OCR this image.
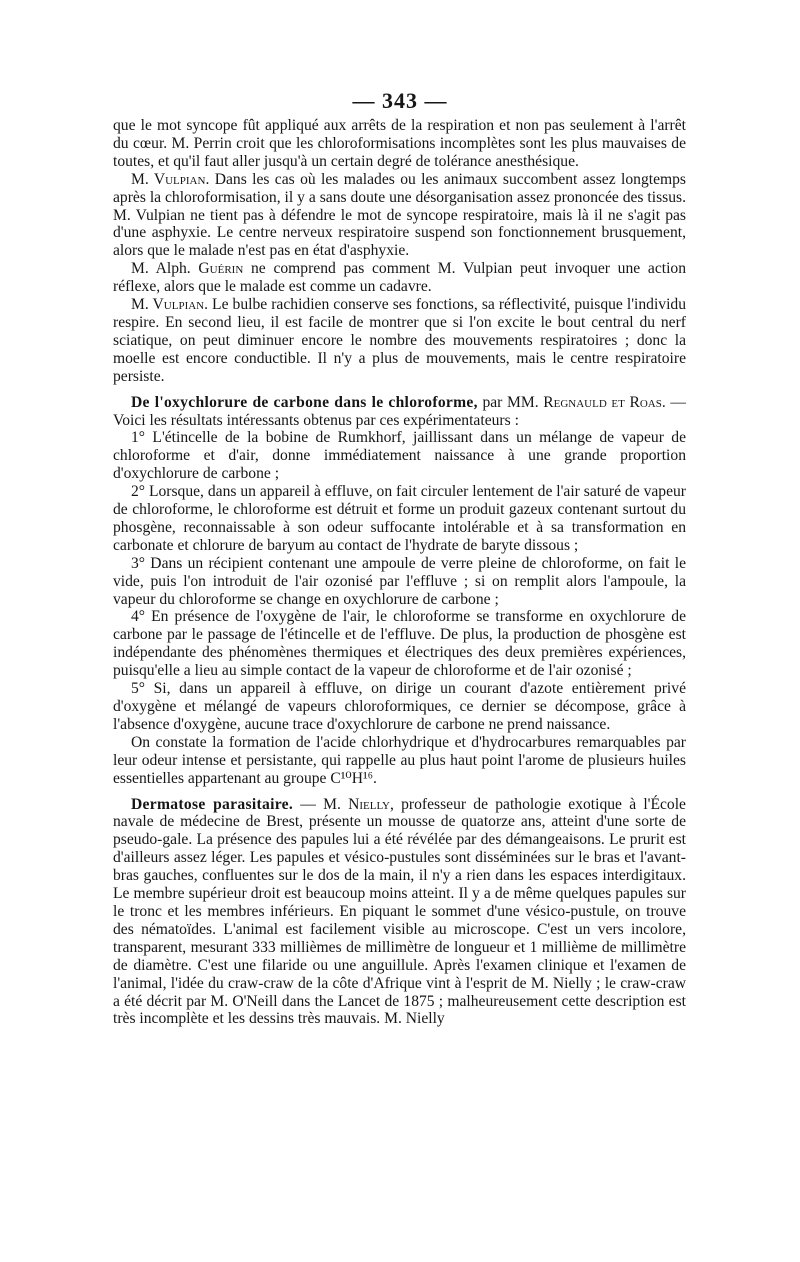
— 343 —

que le mot syncope fût appliqué aux arrêts de la respiration et non pas seulement à l'arrêt du cœur. M. Perrin croit que les chloroformisations incomplètes sont les plus mauvaises de toutes, et qu'il faut aller jusqu'à un certain degré de tolérance anesthésique.

M. Vulpian. Dans les cas où les malades ou les animaux succombent assez longtemps après la chloroformisation, il y a sans doute une désorganisation assez prononcée des tissus. M. Vulpian ne tient pas à défendre le mot de syncope respiratoire, mais là il ne s'agit pas d'une asphyxie. Le centre nerveux respiratoire suspend son fonctionnement brusquement, alors que le malade n'est pas en état d'asphyxie.

M. Alph. Guérin ne comprend pas comment M. Vulpian peut invoquer une action réflexe, alors que le malade est comme un cadavre.

M. Vulpian. Le bulbe rachidien conserve ses fonctions, sa réflectivité, puisque l'individu respire. En second lieu, il est facile de montrer que si l'on excite le bout central du nerf sciatique, on peut diminuer encore le nombre des mouvements respiratoires ; donc la moelle est encore conductible. Il n'y a plus de mouvements, mais le centre respiratoire persiste.

De l'oxychlorure de carbone dans le chloroforme, par MM. Regnauld et Roas. — Voici les résultats intéressants obtenus par ces expérimentateurs :

1° L'étincelle de la bobine de Rumkhorf, jaillissant dans un mélange de vapeur de chloroforme et d'air, donne immédiatement naissance à une grande proportion d'oxychlorure de carbone ;

2° Lorsque, dans un appareil à effluve, on fait circuler lentement de l'air saturé de vapeur de chloroforme, le chloroforme est détruit et forme un produit gazeux contenant surtout du phosgène, reconnaissable à son odeur suffocante intolérable et à sa transformation en carbonate et chlorure de baryum au contact de l'hydrate de baryte dissous ;

3° Dans un récipient contenant une ampoule de verre pleine de chloroforme, on fait le vide, puis l'on introduit de l'air ozonisé par l'effluve ; si on remplit alors l'ampoule, la vapeur du chloroforme se change en oxychlorure de carbone ;

4° En présence de l'oxygène de l'air, le chloroforme se transforme en oxychlorure de carbone par le passage de l'étincelle et de l'effluve. De plus, la production de phosgène est indépendante des phénomènes thermiques et électriques des deux premières expériences, puisqu'elle a lieu au simple contact de la vapeur de chloroforme et de l'air ozonisé ;

5° Si, dans un appareil à effluve, on dirige un courant d'azote entièrement privé d'oxygène et mélangé de vapeurs chloroformiques, ce dernier se décompose, grâce à l'absence d'oxygène, aucune trace d'oxychlorure de carbone ne prend naissance.

On constate la formation de l'acide chlorhydrique et d'hydrocarbures remarquables par leur odeur intense et persistante, qui rappelle au plus haut point l'arome de plusieurs huiles essentielles appartenant au groupe C¹⁰H¹⁶.

Dermatose parasitaire. — M. Nielly, professeur de pathologie exotique à l'École navale de médecine de Brest, présente un mousse de quatorze ans, atteint d'une sorte de pseudo-gale. La présence des papules lui a été révélée par des démangeaisons. Le prurit est d'ailleurs assez léger. Les papules et vésico-pustules sont disséminées sur le bras et l'avant-bras gauches, confluentes sur le dos de la main, il n'y a rien dans les espaces interdigitaux. Le membre supérieur droit est beaucoup moins atteint. Il y a de même quelques papules sur le tronc et les membres inférieurs. En piquant le sommet d'une vésico-pustule, on trouve des nématoïdes. L'animal est facilement visible au microscope. C'est un vers incolore, transparent, mesurant 333 millièmes de millimètre de longueur et 1 millième de millimètre de diamètre. C'est une filaride ou une anguillule. Après l'examen clinique et l'examen de l'animal, l'idée du craw-craw de la côte d'Afrique vint à l'esprit de M. Nielly ; le craw-craw a été décrit par M. O'Neill dans the Lancet de 1875 ; malheureusement cette description est très incomplète et les dessins très mauvais. M. Nielly
